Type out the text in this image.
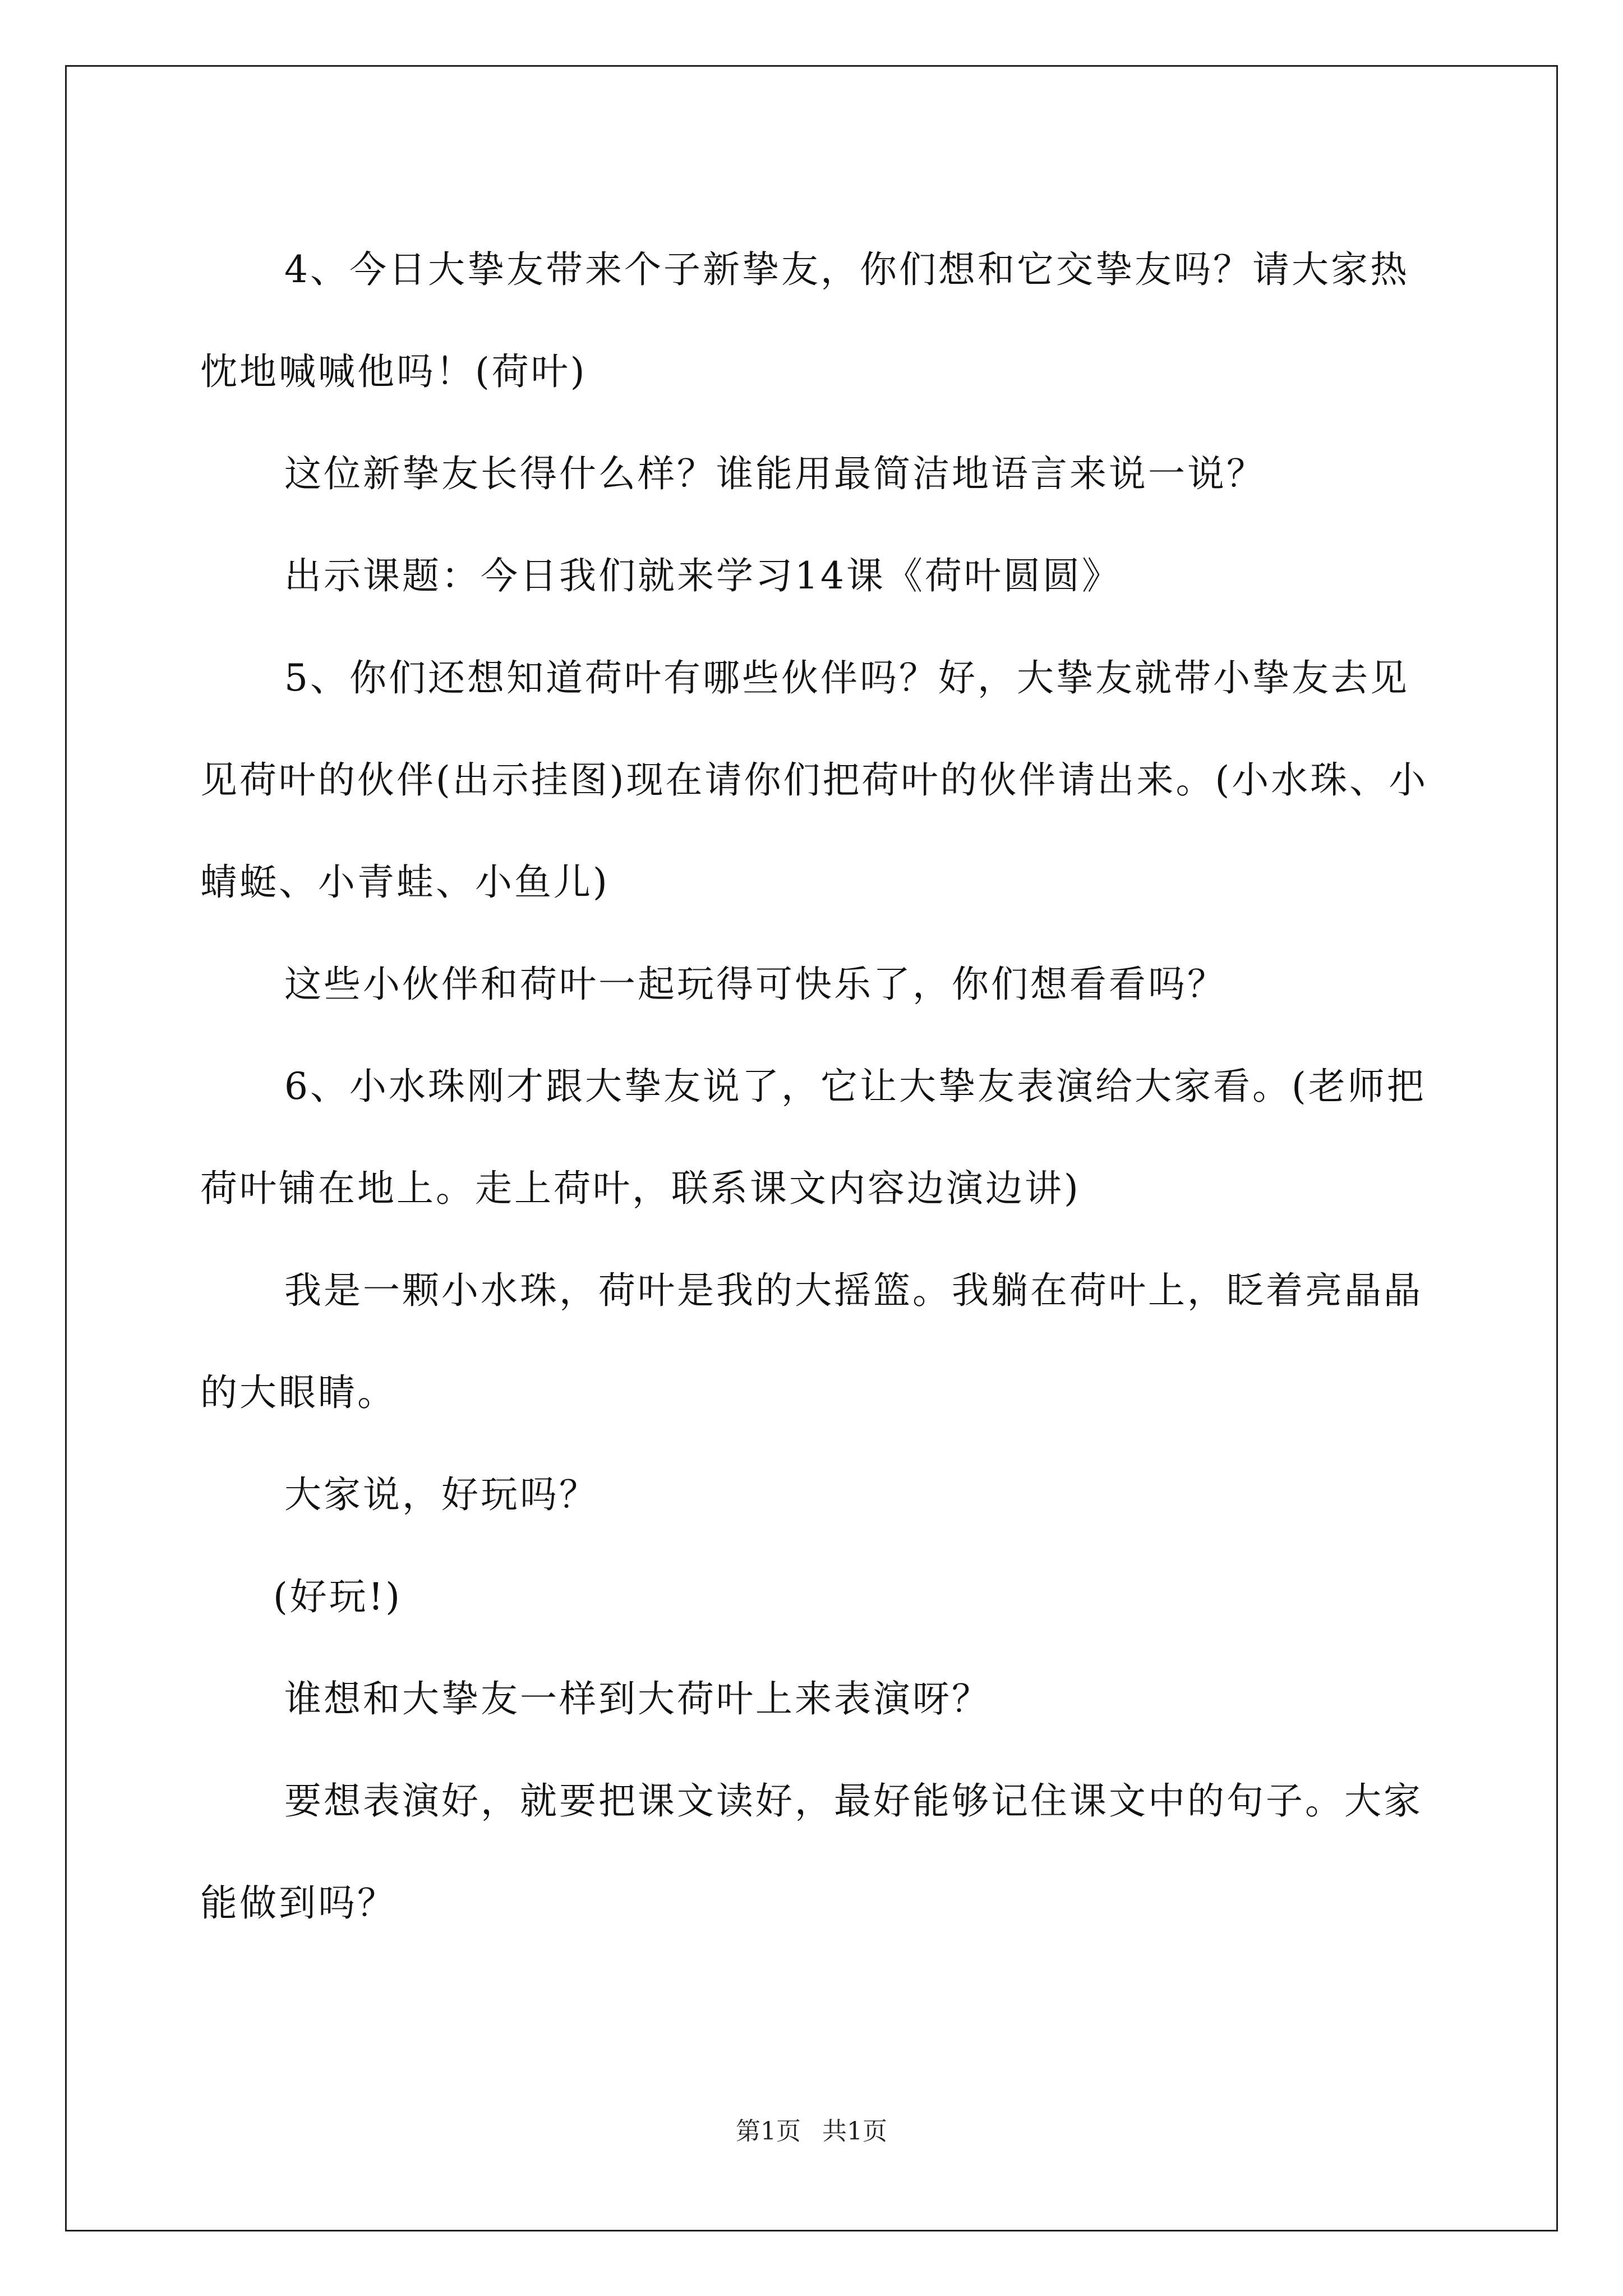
4、今日大挚友带来个子新挚友，你们想和它交挚友吗？请大家热忱地喊喊他吗！(荷叶)

这位新挚友长得什么样？谁能用最简洁地语言来说一说？

出示课题：今日我们就来学习14课《荷叶圆圆》

5、你们还想知道荷叶有哪些伙伴吗？好，大挚友就带小挚友去见见荷叶的伙伴(出示挂图)现在请你们把荷叶的伙伴请出来。(小水珠、小蜻蜓、小青蛙、小鱼儿)

这些小伙伴和荷叶一起玩得可快乐了，你们想看看吗？

6、小水珠刚才跟大挚友说了，它让大挚友表演给大家看。(老师把荷叶铺在地上。走上荷叶，联系课文内容边演边讲)

我是一颗小水珠，荷叶是我的大摇篮。我躺在荷叶上，眨着亮晶晶的大眼睛。

大家说，好玩吗？

(好玩!)

谁想和大挚友一样到大荷叶上来表演呀？

要想表演好，就要把课文读好，最好能够记住课文中的句子。大家能做到吗？

第1页 共1页
